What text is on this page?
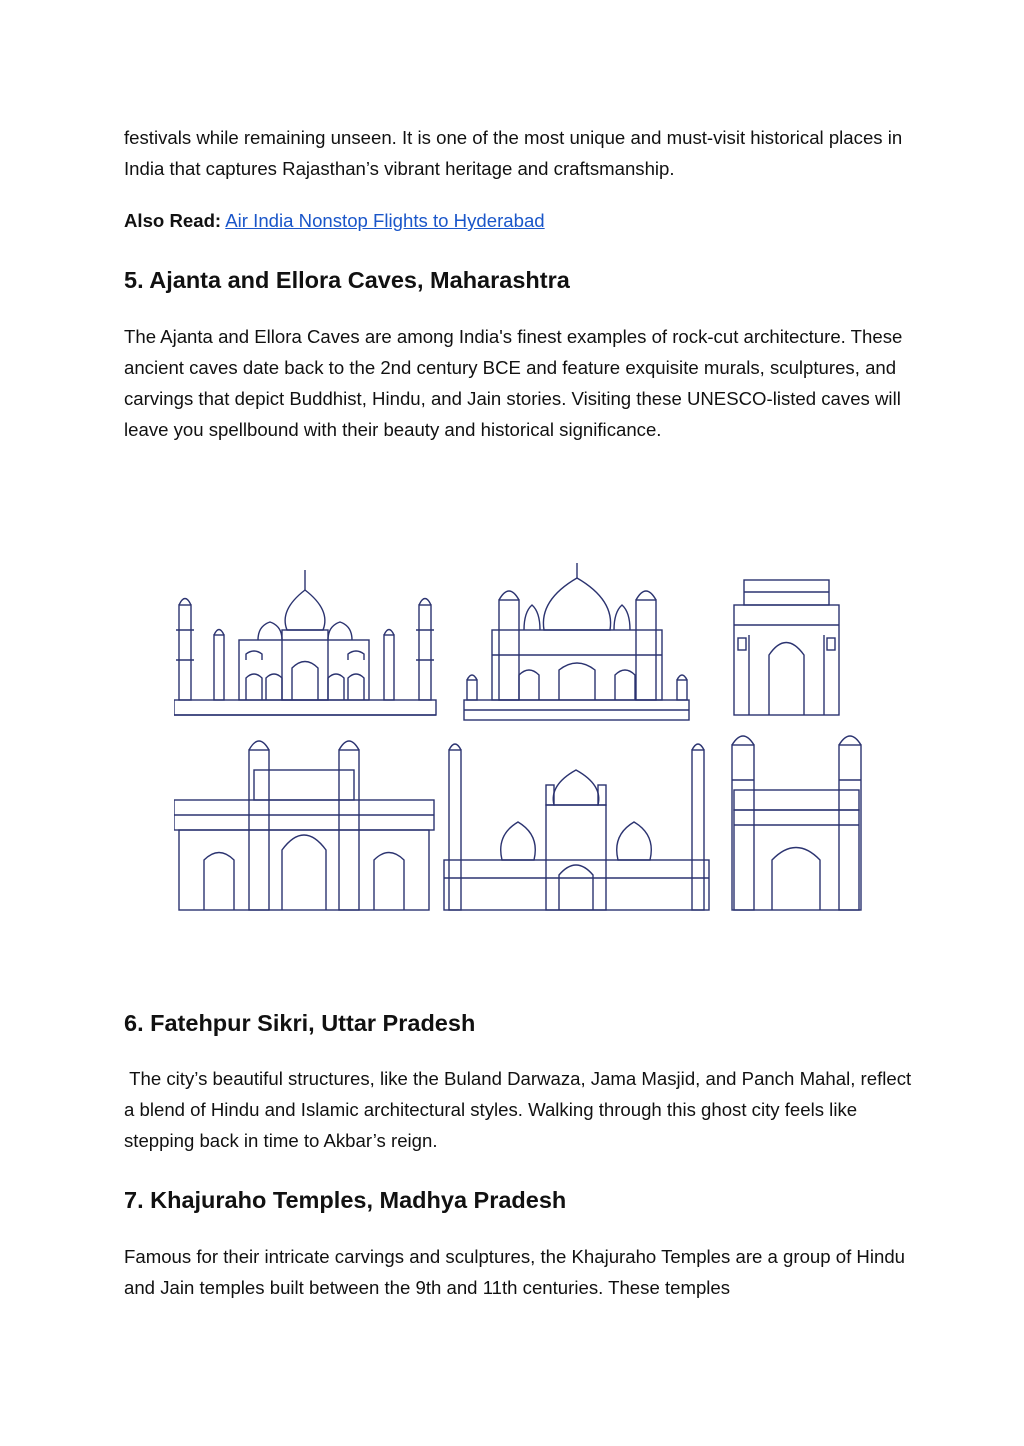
festivals while remaining unseen. It is one of the most unique and must-visit historical places in India that captures Rajasthan’s vibrant heritage and craftsmanship.

Also Read: Air India Nonstop Flights to Hyderabad
5. Ajanta and Ellora Caves, Maharashtra

The Ajanta and Ellora Caves are among India's finest examples of rock-cut architecture. These ancient caves date back to the 2nd century BCE and feature exquisite murals, sculptures, and carvings that depict Buddhist, Hindu, and Jain stories. Visiting these UNESCO-listed caves will leave you spellbound with their beauty and historical significance.

6. Fatehpur Sikri, Uttar Pradesh

The city’s beautiful structures, like the Buland Darwaza, Jama Masjid, and Panch Mahal, reflect a blend of Hindu and Islamic architectural styles. Walking through this ghost city feels like stepping back in time to Akbar’s reign.

7. Khajuraho Temples, Madhya Pradesh

Famous for their intricate carvings and sculptures, the Khajuraho Temples are a group of Hindu and Jain temples built between the 9th and 11th centuries. These temples
